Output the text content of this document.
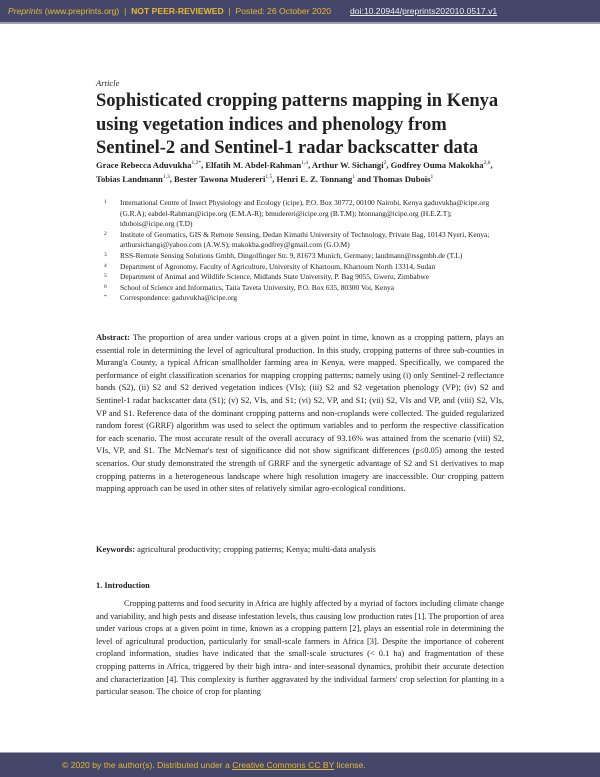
Preprints (www.preprints.org) | NOT PEER-REVIEWED | Posted: 26 October 2020 doi:10.20944/preprints202010.0517.v1
Article
Sophisticated cropping patterns mapping in Kenya using vegetation indices and phenology from Sentinel-2 and Sentinel-1 radar backscatter data
Grace Rebecca Aduvukha$^{1,2*}$, Elfatih M. Abdel-Rahman$^{1,4}$, Arthur W. Sichangi$^2$, Godfrey Ouma Makokha$^{2,6}$, Tobias Landmann$^{1,3}$, Bester Tawona Mudereri$^{1,5}$, Henri E. Z. Tonnang$^1$ and Thomas Dubois$^1$
1 International Centre of Insect Physiology and Ecology (icipe), P.O. Box 30772, 00100 Nairobi, Kenya gaduvukha@icipe.org (G.R.A); eabdel-Rahman@icipe.org (E.M.A-R); bmudereri@icipe.org (B.T.M); htonnang@icipe.org (H.E.Z.T); tdubois@icipe.org (T.D)
2 Institute of Geomatics, GIS & Remote Sensing, Dedan Kimathi University of Technology, Private Bag, 10143 Nyeri, Kenya; arthursichangi@yahoo.com (A.W.S); makokha.godfrey@gmail.com (G.O.M)
3 RSS-Remote Sensing Solutions Gmbh, Dingolfinger Str. 9, 81673 Munich, Germany; landmann@rssgmbh.de (T.L)
4 Department of Agronomy, Faculty of Agriculture, University of Khartoum, Khartoum North 13314, Sudan
5 Department of Animal and Wildlife Science, Midlands State University, P. Bag 9055, Gweru, Zimbabwe
6 School of Science and Informatics, Taita Taveta University, P.O. Box 635, 80300 Voi, Kenya
* Correspondence: gaduvukha@icipe.org
Abstract: The proportion of area under various crops at a given point in time, known as a cropping pattern, plays an essential role in determining the level of agricultural production. In this study, cropping patterns of three sub-counties in Murang'a County, a typical African smallholder farming area in Kenya, were mapped. Specifically, we compared the performance of eight classification scenarios for mapping cropping patterns; namely using (i) only Sentinel-2 reflectance bands (S2), (ii) S2 and S2 derived vegetation indices (VIs); (iii) S2 and S2 vegetation phenology (VP); (iv) S2 and Sentinel-1 radar backscatter data (S1); (v) S2, VIs, and S1; (vi) S2, VP, and S1; (vii) S2, VIs and VP, and (viii) S2, VIs, VP and S1. Reference data of the dominant cropping patterns and non-croplands were collected. The guided regularized random forest (GRRF) algorithm was used to select the optimum variables and to perform the respective classification for each scenario. The most accurate result of the overall accuracy of 93.16% was attained from the scenario (viii) S2, VIs, VP, and S1. The McNemar's test of significance did not show significant differences (p≤0.05) among the tested scenarios. Our study demonstrated the strength of GRRF and the synergetic advantage of S2 and S1 derivatives to map cropping patterns in a heterogeneous landscape where high resolution imagery are inaccessible. Our cropping pattern mapping approach can be used in other sites of relatively similar agro-ecological conditions.
Keywords: agricultural productivity; cropping patterns; Kenya; multi-data analysis
1. Introduction
Cropping patterns and food security in Africa are highly affected by a myriad of factors including climate change and variability, and high pests and disease infestation levels, thus causing low production rates [1]. The proportion of area under various crops at a given point in time, known as a cropping pattern [2], plays an essential role in determining the level of agricultural production, particularly for small-scale farmers in Africa [3]. Despite the importance of coherent cropland information, studies have indicated that the small-scale structures (< 0.1 ha) and fragmentation of these cropping patterns in Africa, triggered by their high intra- and inter-seasonal dynamics, prohibit their accurate detection and characterization [4]. This complexity is further aggravated by the individual farmers' crop selection for planting in a particular season. The choice of crop for planting
© 2020 by the author(s). Distributed under a Creative Commons CC BY license.
